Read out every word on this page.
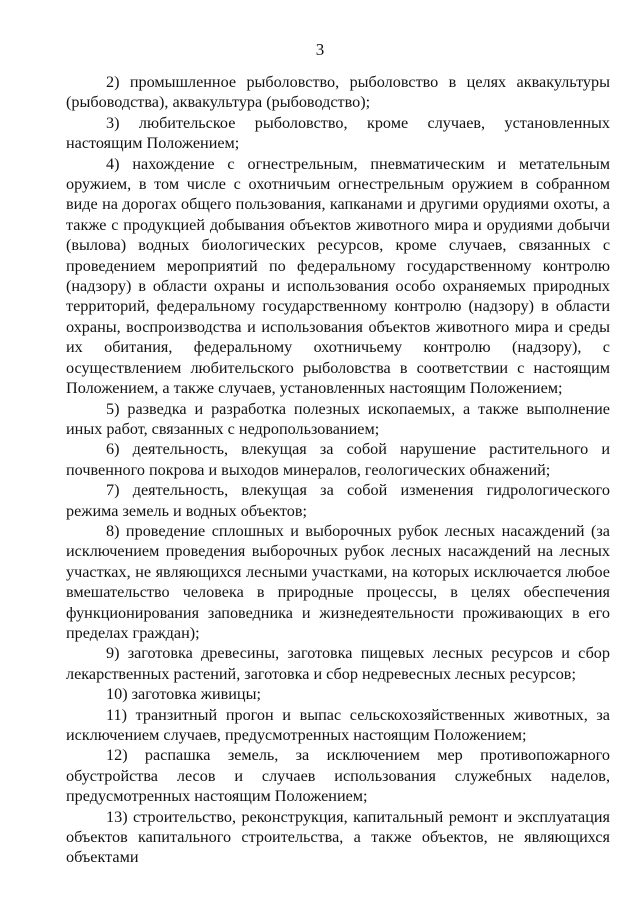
3

2) промышленное рыболовство, рыболовство в целях аквакультуры (рыбоводства), аквакультура (рыбоводство);

3) любительское рыболовство, кроме случаев, установленных настоящим Положением;

4) нахождение с огнестрельным, пневматическим и метательным оружием, в том числе с охотничьим огнестрельным оружием в собранном виде на дорогах общего пользования, капканами и другими орудиями охоты, а также с продукцией добывания объектов животного мира и орудиями добычи (вылова) водных биологических ресурсов, кроме случаев, связанных с проведением мероприятий по федеральному государственному контролю (надзору) в области охраны и использования особо охраняемых природных территорий, федеральному государственному контролю (надзору) в области охраны, воспроизводства и использования объектов животного мира и среды их обитания, федеральному охотничьему контролю (надзору), с осуществлением любительского рыболовства в соответствии с настоящим Положением, а также случаев, установленных настоящим Положением;

5) разведка и разработка полезных ископаемых, а также выполнение иных работ, связанных с недропользованием;

6) деятельность, влекущая за собой нарушение растительного и почвенного покрова и выходов минералов, геологических обнажений;

7) деятельность, влекущая за собой изменения гидрологического режима земель и водных объектов;

8) проведение сплошных и выборочных рубок лесных насаждений (за исключением проведения выборочных рубок лесных насаждений на лесных участках, не являющихся лесными участками, на которых исключается любое вмешательство человека в природные процессы, в целях обеспечения функционирования заповедника и жизнедеятельности проживающих в его пределах граждан);

9) заготовка древесины, заготовка пищевых лесных ресурсов и сбор лекарственных растений, заготовка и сбор недревесных лесных ресурсов;

10) заготовка живицы;

11) транзитный прогон и выпас сельскохозяйственных животных, за исключением случаев, предусмотренных настоящим Положением;

12) распашка земель, за исключением мер противопожарного обустройства лесов и случаев использования служебных наделов, предусмотренных настоящим Положением;

13) строительство, реконструкция, капитальный ремонт и эксплуатация объектов капитального строительства, а также объектов, не являющихся объектами
